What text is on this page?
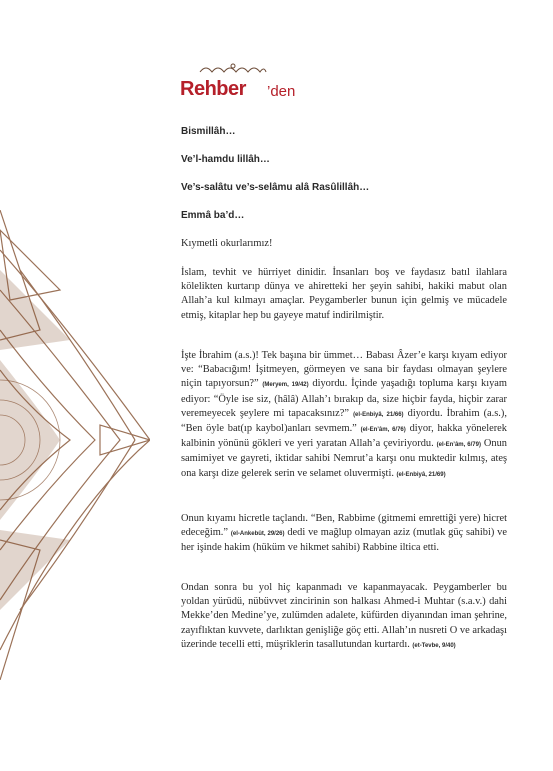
Rehber ’den

Bismillâh…

Ve’l-hamdu lillâh…

Ve’s-salâtu ve’s-selâmu alâ Rasûlillâh…

Emmâ ba’d…

Kıymetli okurlarımız!

İslam, tevhit ve hürriyet dinidir. İnsanları boş ve faydasız batıl ilahlara kölelikten kurtarıp dünya ve ahiretteki her şeyin sahibi, hakiki mabut olan Allah’a kul kılmayı amaçlar. Peygamberler bunun için gelmiş ve mücadele etmiş, kitaplar hep bu gayeye matuf indirilmiştir.

İşte İbrahim (a.s.)! Tek başına bir ümmet… Babası Âzer’e karşı kıyam ediyor ve: “Babacığım! İşitmeyen, görmeyen ve sana bir faydası olmayan şeylere niçin tapıyorsun?” (Meryem, 19/42) diyordu. İçinde yaşadığı topluma karşı kıyam ediyor: “Öyle ise siz, (hâlâ) Allah’ı bırakıp da, size hiçbir fayda, hiçbir zarar veremeyecek şeylere mi tapacaksınız?” (el-Enbiyâ, 21/66) diyordu. İbrahim (a.s.), “Ben öyle bat(ıp kaybol)anları sevmem.” (el-En’âm, 6/76) diyor, hakka yönelerek kalbinin yönünü gökleri ve yeri yaratan Allah’a çeviriyordu. (el-En’âm, 6/79) Onun samimiyet ve gayreti, iktidar sahibi Nemrut’a karşı onu muktedir kılmış, ateş ona karşı dize gelerek serin ve selamet oluvermişti. (el-Enbiyâ, 21/69)

Onun kıyamı hicretle taçlandı. “Ben, Rabbime (gitmemi emrettiği yere) hicret edeceğim.” (el-Ankebût, 29/26) dedi ve mağlup olmayan aziz (mutlak güç sahibi) ve her işinde hakim (hüküm ve hikmet sahibi) Rabbine iltica etti.

Ondan sonra bu yol hiç kapanmadı ve kapanmayacak. Peygamberler bu yoldan yürüdü, nübüvvet zincirinin son halkası Ahmed-i Muhtar (s.a.v.) dahi Mekke’den Medine’ye, zulümden adalete, küfürden diyanından iman şehrine, zayıflıktan kuvvete, darlıktan genişliğe göç etti. Allah’ın nusreti O ve arkadaşı üzerinde tecelli etti, müşriklerin tasallutundan kurtardı. (et-Tevbe, 9/40)
